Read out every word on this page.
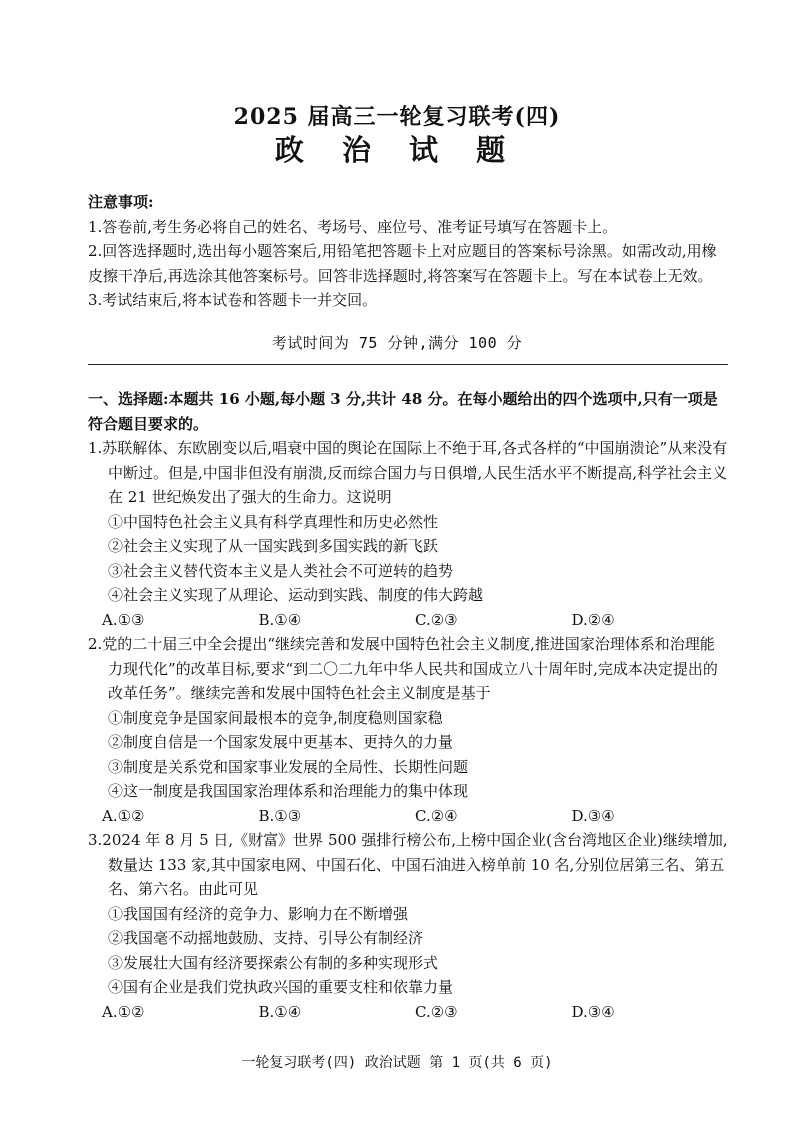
2025 届高三一轮复习联考(四)
政 治 试 题
注意事项:
1.答卷前,考生务必将自己的姓名、考场号、座位号、准考证号填写在答题卡上。
2.回答选择题时,选出每小题答案后,用铅笔把答题卡上对应题目的答案标号涂黑。如需改动,用橡皮擦干净后,再选涂其他答案标号。回答非选择题时,将答案写在答题卡上。写在本试卷上无效。
3.考试结束后,将本试卷和答题卡一并交回。
考试时间为 75 分钟,满分 100 分
一、选择题:本题共 16 小题,每小题 3 分,共计 48 分。在每小题给出的四个选项中,只有一项是符合题目要求的。
1.苏联解体、东欧剧变以后,唱衰中国的舆论在国际上不绝于耳,各式各样的“中国崩溃论”从来没有中断过。但是,中国非但没有崩溃,反而综合国力与日俱增,人民生活水平不断提高,科学社会主义在 21 世纪焕发出了强大的生命力。这说明
①中国特色社会主义具有科学真理性和历史必然性
②社会主义实现了从一国实践到多国实践的新飞跃
③社会主义替代资本主义是人类社会不可逆转的趋势
④社会主义实现了从理论、运动到实践、制度的伟大跨越
A.①③	B.①④	C.②③	D.②④
2.党的二十届三中全会提出“继续完善和发展中国特色社会主义制度,推进国家治理体系和治理能力现代化”的改革目标,要求“到二〇二九年中华人民共和国成立八十周年时,完成本决定提出的改革任务”。继续完善和发展中国特色社会主义制度是基于
①制度竞争是国家间最根本的竞争,制度稳则国家稳
②制度自信是一个国家发展中更基本、更持久的力量
③制度是关系党和国家事业发展的全局性、长期性问题
④这一制度是我国国家治理体系和治理能力的集中体现
A.①②	B.①③	C.②④	D.③④
3.2024 年 8 月 5 日,《财富》世界 500 强排行榜公布,上榜中国企业(含台湾地区企业)继续增加,数量达 133 家,其中国家电网、中国石化、中国石油进入榜单前 10 名,分别位居第三名、第五名、第六名。由此可见
①我国国有经济的竞争力、影响力在不断增强
②我国毫不动摇地鼓励、支持、引导公有制经济
③发展壮大国有经济要探索公有制的多种实现形式
④国有企业是我们党执政兴国的重要支柱和依靠力量
A.①②	B.①④	C.②③	D.③④
一轮复习联考(四) 政治试题 第 1 页(共 6 页)
